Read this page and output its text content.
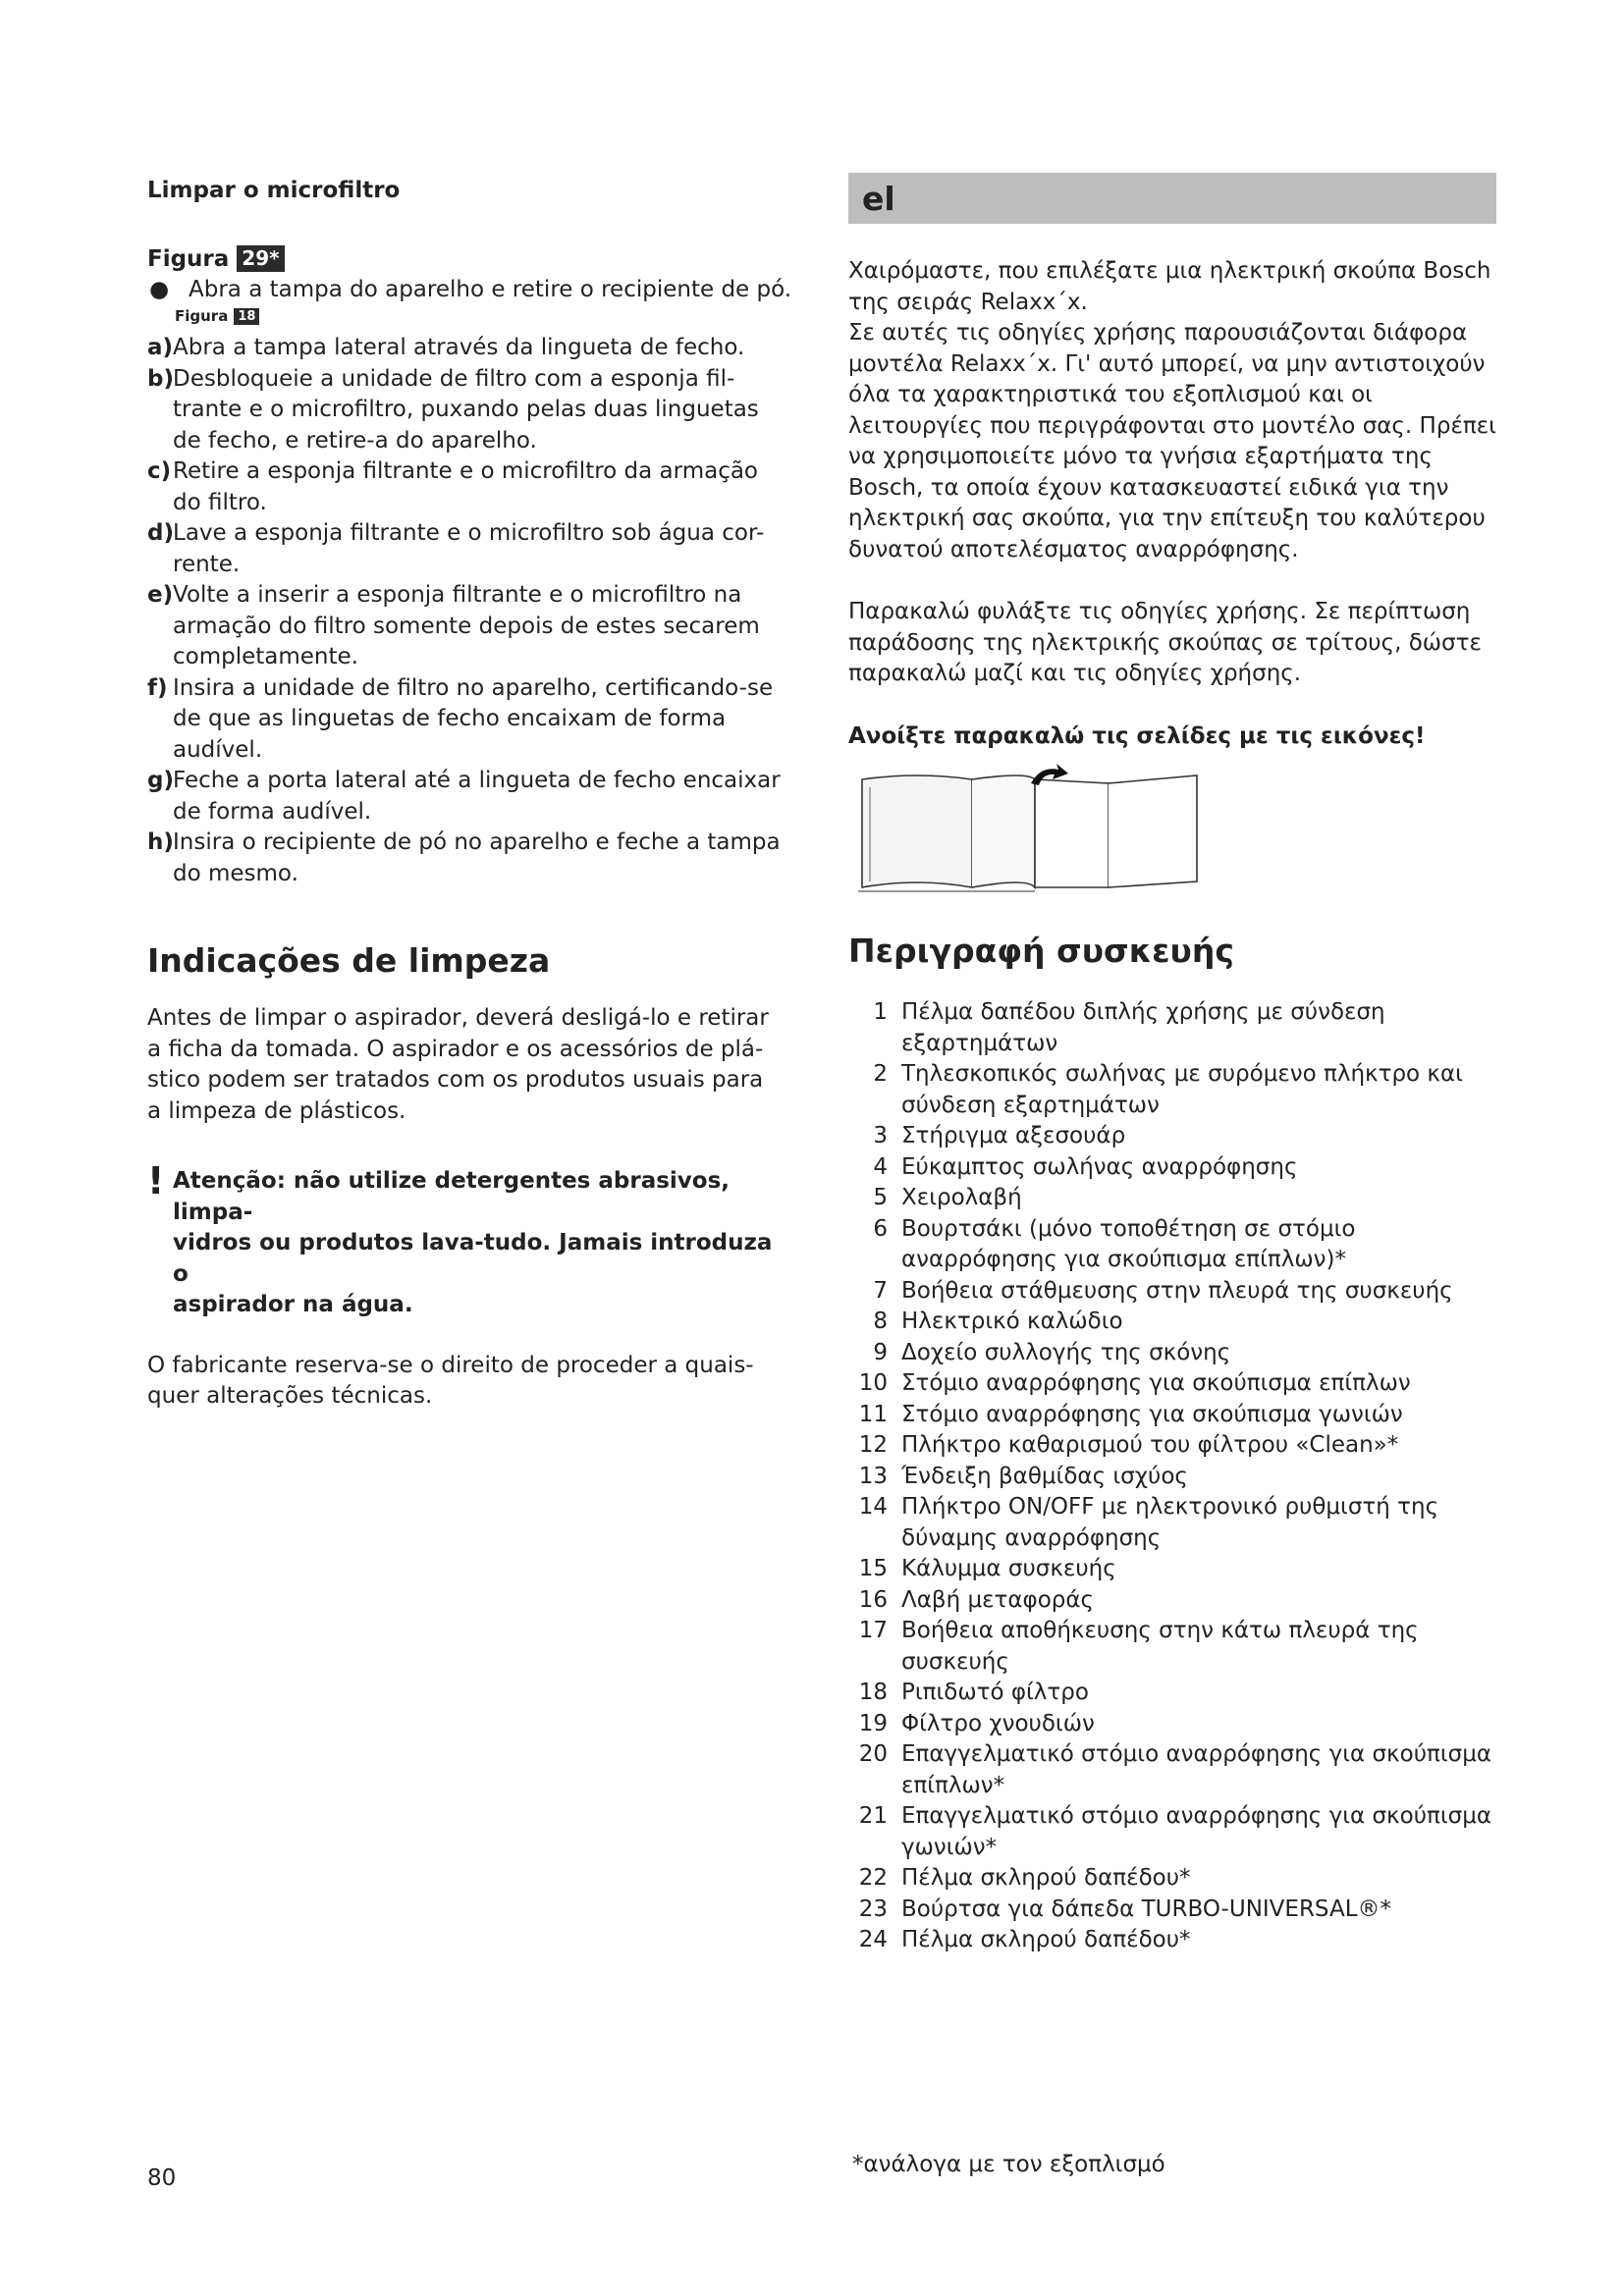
Limpar o microfiltro

Figura 29*
● Abra a tampa do aparelho e retire o recipiente de pó.
Figura 18
a) Abra a tampa lateral através da lingueta de fecho.
b) Desbloqueie a unidade de filtro com a esponja fil-
trante e o microfiltro, puxando pelas duas linguetas
de fecho, e retire-a do aparelho.
c) Retire a esponja filtrante e o microfiltro da armação
do filtro.
d) Lave a esponja filtrante e o microfiltro sob água cor-
rente.
e) Volte a inserir a esponja filtrante e o microfiltro na
armação do filtro somente depois de estes secarem
completamente.
f) Insira a unidade de filtro no aparelho, certificando-se
de que as linguetas de fecho encaixam de forma
audível.
g) Feche a porta lateral até a lingueta de fecho encaixar
de forma audível.
h) Insira o recipiente de pó no aparelho e feche a tampa
do mesmo.

Indicações de limpeza

Antes de limpar o aspirador, deverá desligá-lo e retirar
a ficha da tomada. O aspirador e os acessórios de plá-
stico podem ser tratados com os produtos usuais para
a limpeza de plásticos.
! Atenção: não utilize detergentes abrasivos, limpa-
vidros ou produtos lava-tudo. Jamais introduza o
aspirador na água.
O fabricante reserva-se o direito de proceder a quais-
quer alterações técnicas.
80
el
Χαιρόμαστε, που επιλέξατε μια ηλεκτρική σκούπα Bosch
της σειράς Relaxx΄x.
Σε αυτές τις οδηγίες χρήσης παρουσιάζονται διάφορα
μοντέλα Relaxx΄x. Γι' αυτό μπορεί, να μην αντιστοιχούν
όλα τα χαρακτηριστικά του εξοπλισμού και οι
λειτουργίες που περιγράφονται στο μοντέλο σας. Πρέπει
να χρησιμοποιείτε μόνο τα γνήσια εξαρτήματα της
Bosch, τα οποία έχουν κατασκευαστεί ειδικά για την
ηλεκτρική σας σκούπα, για την επίτευξη του καλύτερου
δυνατού αποτελέσματος αναρρόφησης.
Παρακαλώ φυλάξτε τις οδηγίες χρήσης. Σε περίπτωση
παράδοσης της ηλεκτρικής σκούπας σε τρίτους, δώστε
παρακαλώ μαζί και τις οδηγίες χρήσης.

Ανοίξτε παρακαλώ τις σελίδες με τις εικόνες!

Περιγραφή συσκευής

1 Πέλμα δαπέδου διπλής χρήσης με σύνδεση
εξαρτημάτων
2 Τηλεσκοπικός σωλήνας με συρόμενο πλήκτρο και
σύνδεση εξαρτημάτων
3 Στήριγμα αξεσουάρ
4 Εύκαμπτος σωλήνας αναρρόφησης
5 Χειρολαβή
6 Βουρτσάκι (μόνο τοποθέτηση σε στόμιο
αναρρόφησης για σκούπισμα επίπλων)*
7 Βοήθεια στάθμευσης στην πλευρά της συσκευής
8 Ηλεκτρικό καλώδιο
9 Δοχείο συλλογής της σκόνης
10 Στόμιο αναρρόφησης για σκούπισμα επίπλων
11 Στόμιο αναρρόφησης για σκούπισμα γωνιών
12 Πλήκτρο καθαρισμού του φίλτρου «Clean»*
13 Ένδειξη βαθμίδας ισχύος
14 Πλήκτρο ON/OFF με ηλεκτρονικό ρυθμιστή της
δύναμης αναρρόφησης
15 Κάλυμμα συσκευής
16 Λαβή μεταφοράς
17 Βοήθεια αποθήκευσης στην κάτω πλευρά της
συσκευής
18 Ριπιδωτό φίλτρο
19 Φίλτρο χνουδιών
20 Επαγγελματικό στόμιο αναρρόφησης για σκούπισμα
επίπλων*
21 Επαγγελματικό στόμιο αναρρόφησης για σκούπισμα
γωνιών*
22 Πέλμα σκληρού δαπέδου*
23 Βούρτσα για δάπεδα TURBO-UNIVERSAL®*
24 Πέλμα σκληρού δαπέδου*
*ανάλογα με τον εξοπλισμό
